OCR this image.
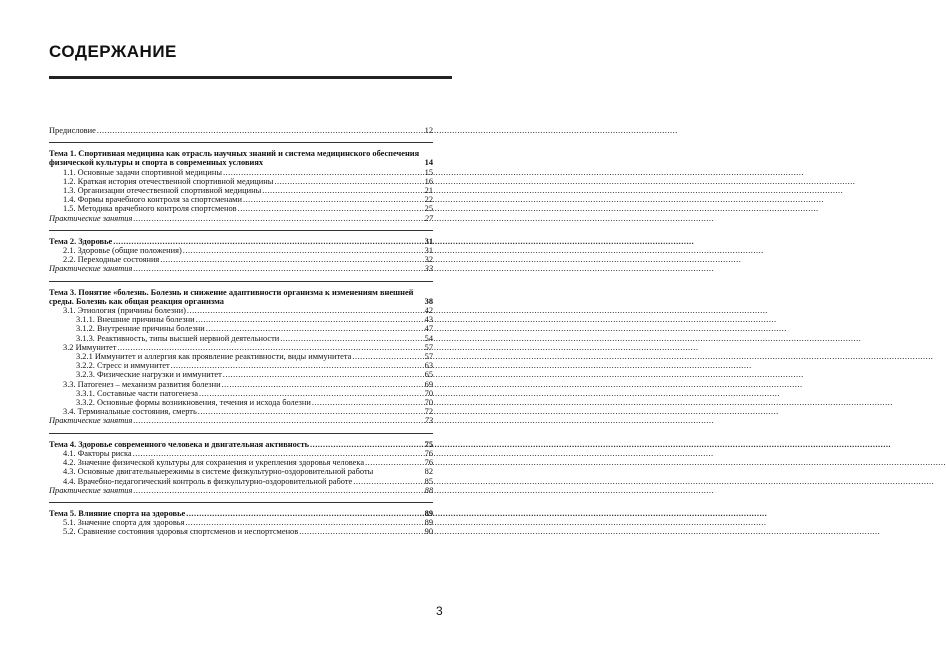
СОДЕРЖАНИЕ
Предисловие .....	12
Тема 1. Спортивная медицина как отрасль научных знаний и система медицинского обеспечения физической культуры и спорта в современных условиях	14
1.1. Основные задачи спортивной медицины .....	15
1.2. Краткая история отечественной спортивной медицины .....	16
1.3. Организации отечественной спортивной медицины .....	21
1.4. Формы врачебного контроля за спортсменами .....	22
1.5. Методика врачебного контроля спортсменов .....	25
Практические занятия .....	27
Тема 2. Здоровье .....	31
2.1. Здоровье (общие положения) .....	31
2.2. Переходные состояния .....	32
Практические занятия .....	33
Тема 3. Понятие «болезнь. Болезнь и снижение адаптивности организма к изменениям внешней среды. Болезнь как общая реакция организма	38
3.1. Этиология (причины болезни) .....	42
3.1.1. Внешние причины болезни .....	43
3.1.2. Внутренние причины болезни .....	47
3.1.3. Реактивность, типы высшей нервной деятельности .....	54
3.2 Иммунитет .....	57
3.2.1 Иммунитет и аллергия как проявление реактивности, виды иммунитета .....	57
3.2.2. Стресс и иммунитет .....	63
3.2.3. Физические нагрузки и иммунитет .....	65
3.3. Патогенез – механизм развития болезни .....	69
3.3.1. Составные части патогенеза .....	70
3.3.2. Основные формы возникновения, течения и исхода болезни .....	70
3.4. Терминальные состояния, смерть .....	72
Практические занятия .....	73
Тема 4. Здоровье современного человека и двигательная активность .....	75
4.1. Факторы риска .....	76
4.2. Значение физической культуры для сохранения и укрепления здоровья человека .....	76
4.3. Основные двигательныережимы в системе физкультурно-оздоровительной работы	82
4.4. Врачебно-педагогический контроль в физкультурно-оздоровительной работе .....	85
Практические занятия .....	88
Тема 5. Влияние спорта на здоровье .....	89
5.1. Значение спорта для здоровья .....	89
5.2. Сравнение состояния здоровья спортсменов и неспортсменов .....	90
3
